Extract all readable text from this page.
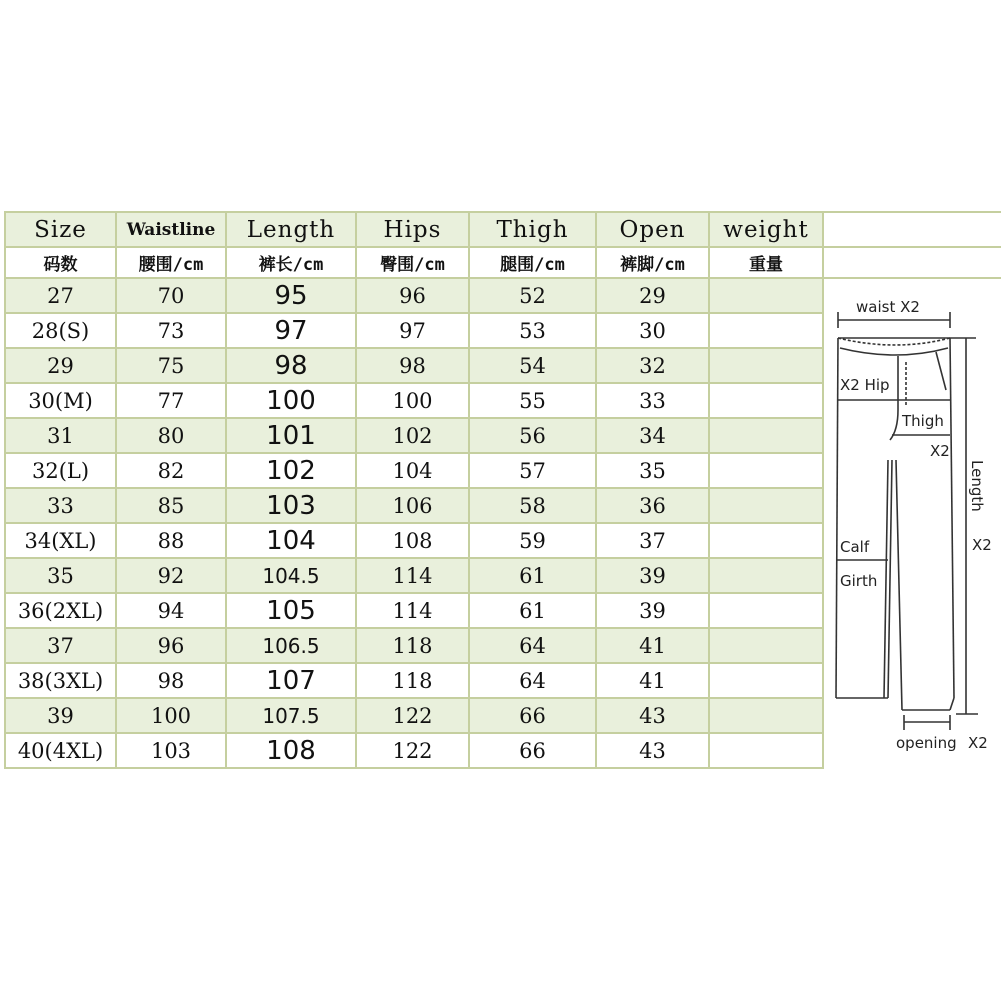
Size	Waistline	Length	Hips	Thigh	Open	weight	
码数	腰围/cm	裤长/cm	臀围/cm	腿围/cm	裤脚/cm	重量	
27	70	95	96	52	29		
28(S)	73	97	97	53	30		
29	75	98	98	54	32		
30(M)	77	100	100	55	33		
31	80	101	102	56	34		
32(L)	82	102	104	57	35		
33	85	103	106	58	36		
34(XL)	88	104	108	59	37		
35	92	104.5	114	61	39		
36(2XL)	94	105	114	61	39		
37	96	106.5	118	64	41		
38(3XL)	98	107	118	64	41		
39	100	107.5	122	66	43		
40(4XL)	103	108	122	66	43		
waist X2
X2 Hip
Thigh
X2
Length
X2
Calf
Girth
opening X2
